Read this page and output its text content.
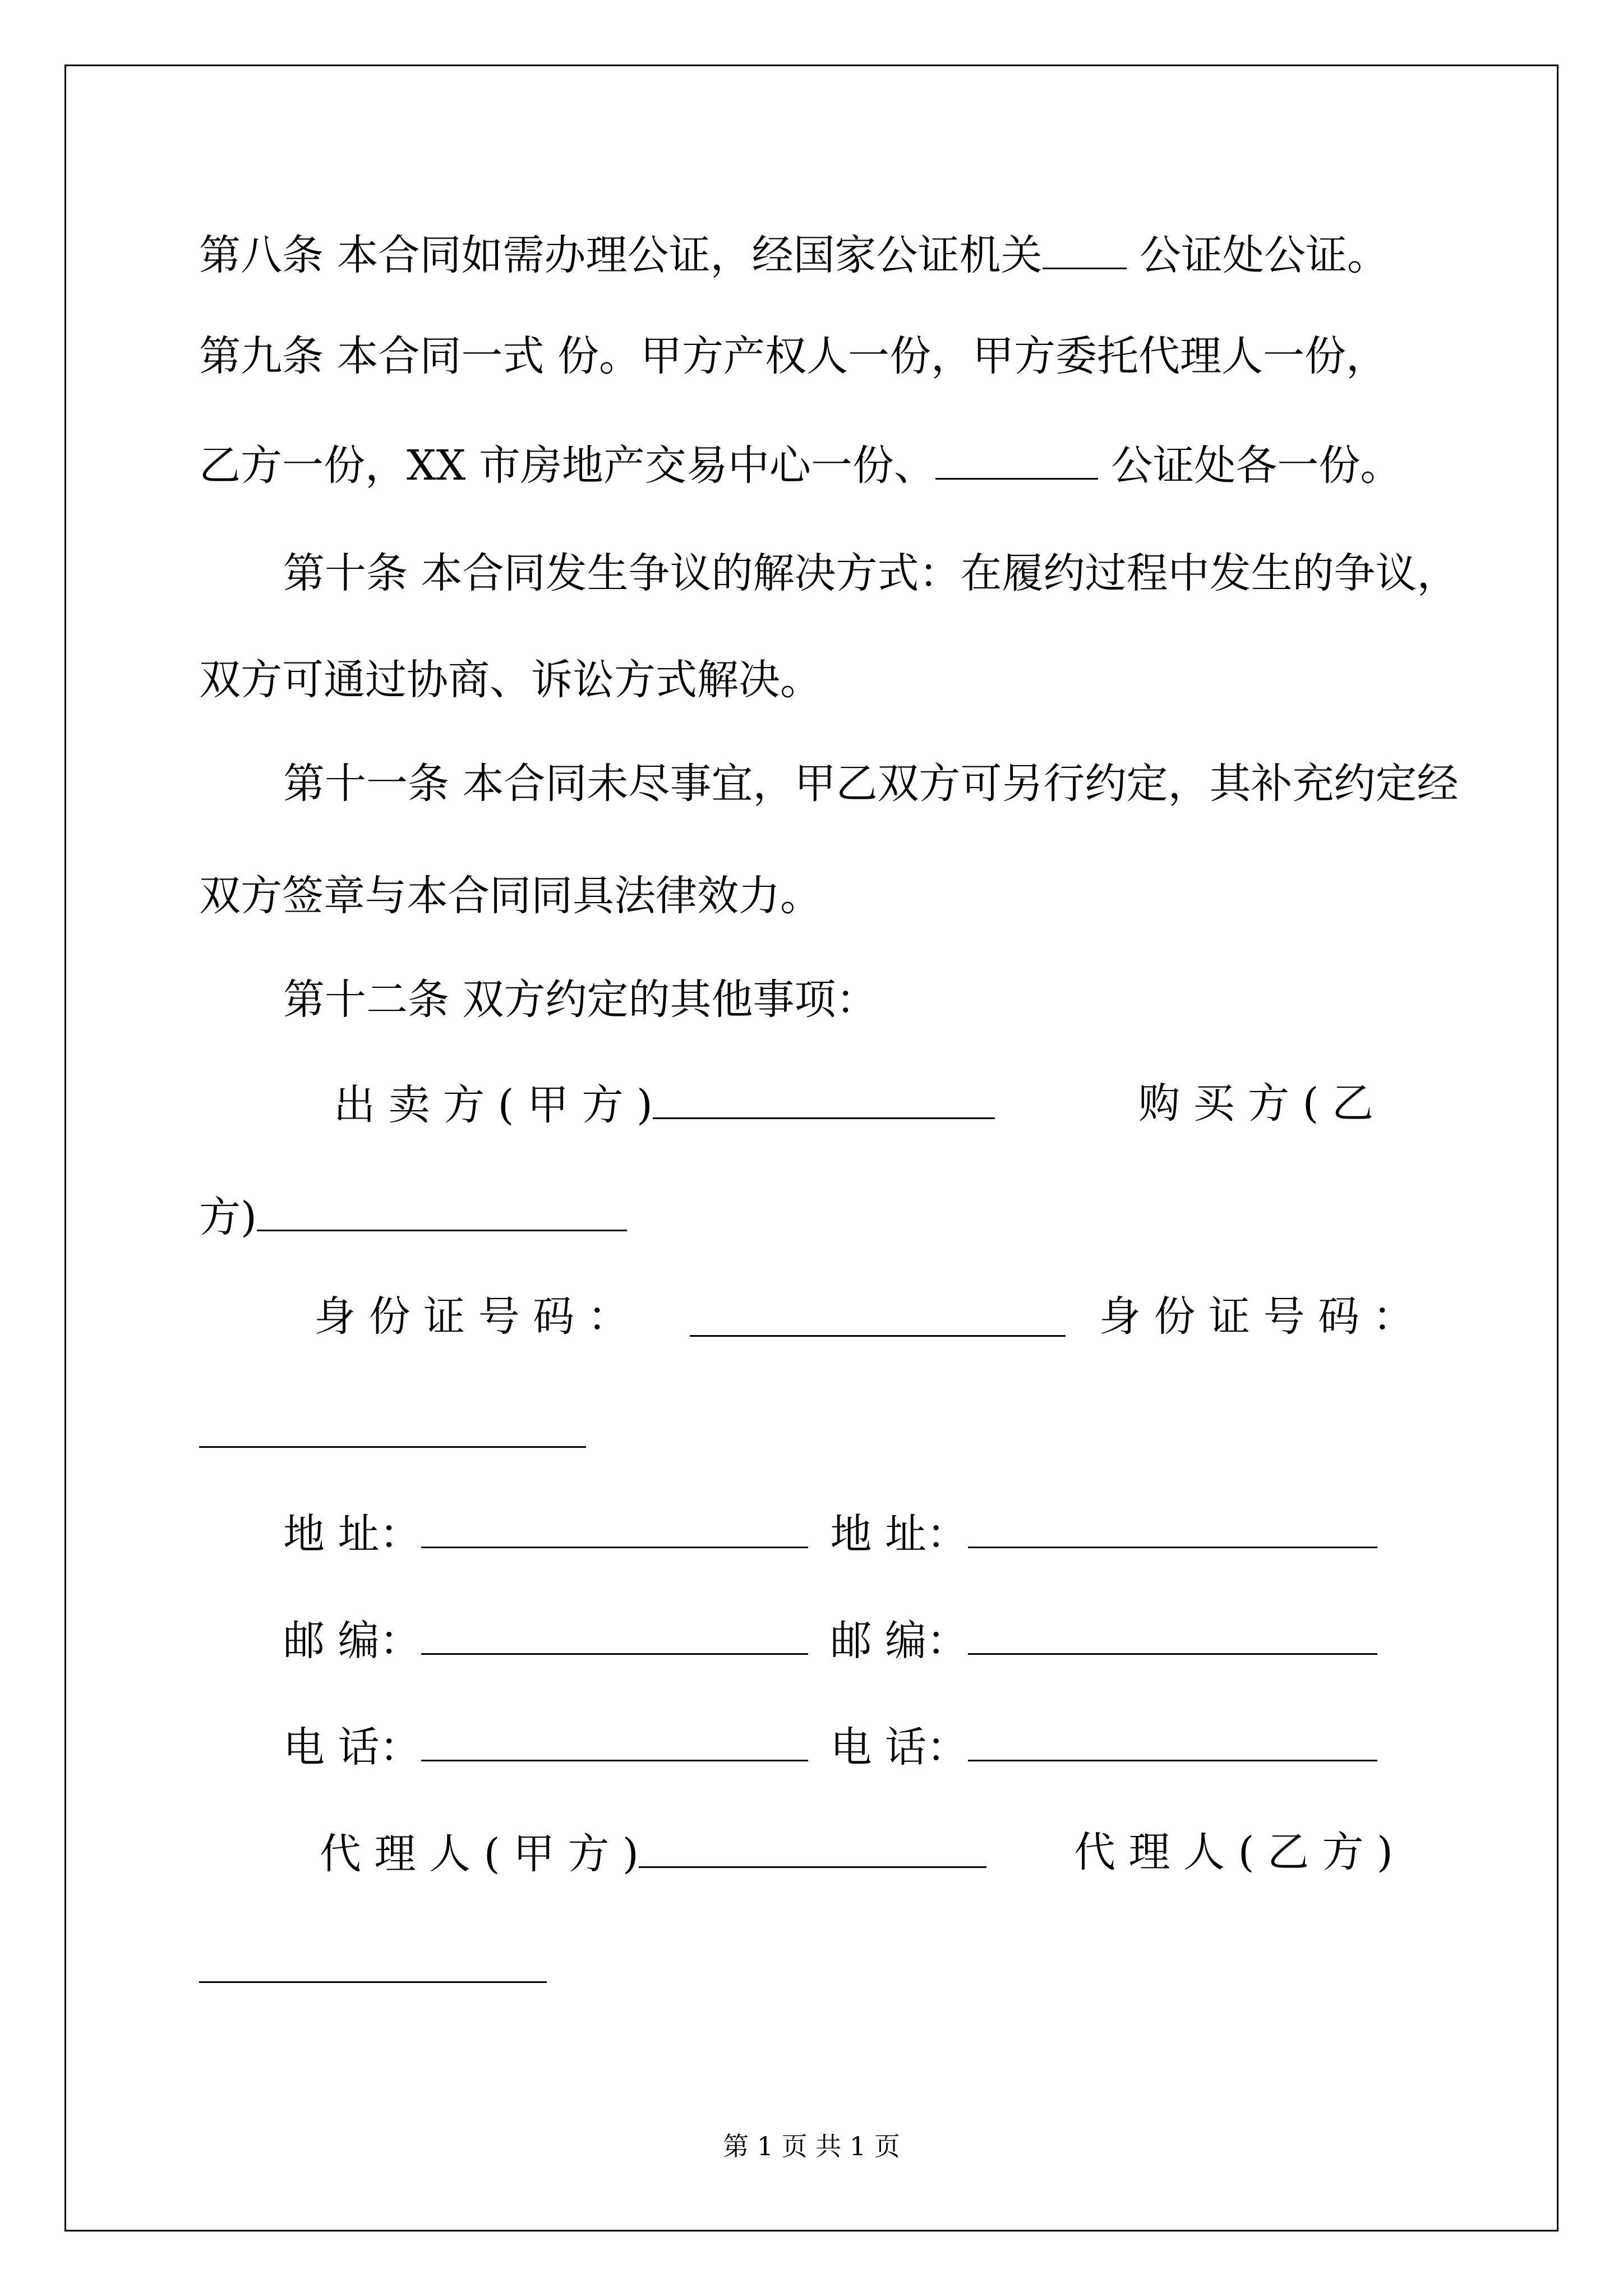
第八条 本合同如需办理公证，经国家公证机关 公证处公证。
第九条 本合同一式 份。甲方产权人一份，甲方委托代理人一份，
乙方一份，XX 市房地产交易中心一份、	公证处各一份。
第十条 本合同发生争议的解决方式：在履约过程中发生的争议，
双方可通过协商、诉讼方式解决。
第十一条 本合同未尽事宜，甲乙双方可另行约定，其补充约定经
双方签章与本合同同具法律效力。
第十二条 双方约定的其他事项：
出 卖 方 ( 甲 方 )	购 买 方 ( 乙
方)
身 份 证 号 码 ：	身 份 证 号 码 ：
地 址：	地 址：
邮 编：	邮 编：
电 话：	电 话：
代 理 人 ( 甲 方 )	代 理 人 ( 乙 方 )
第 1 页 共 1 页
